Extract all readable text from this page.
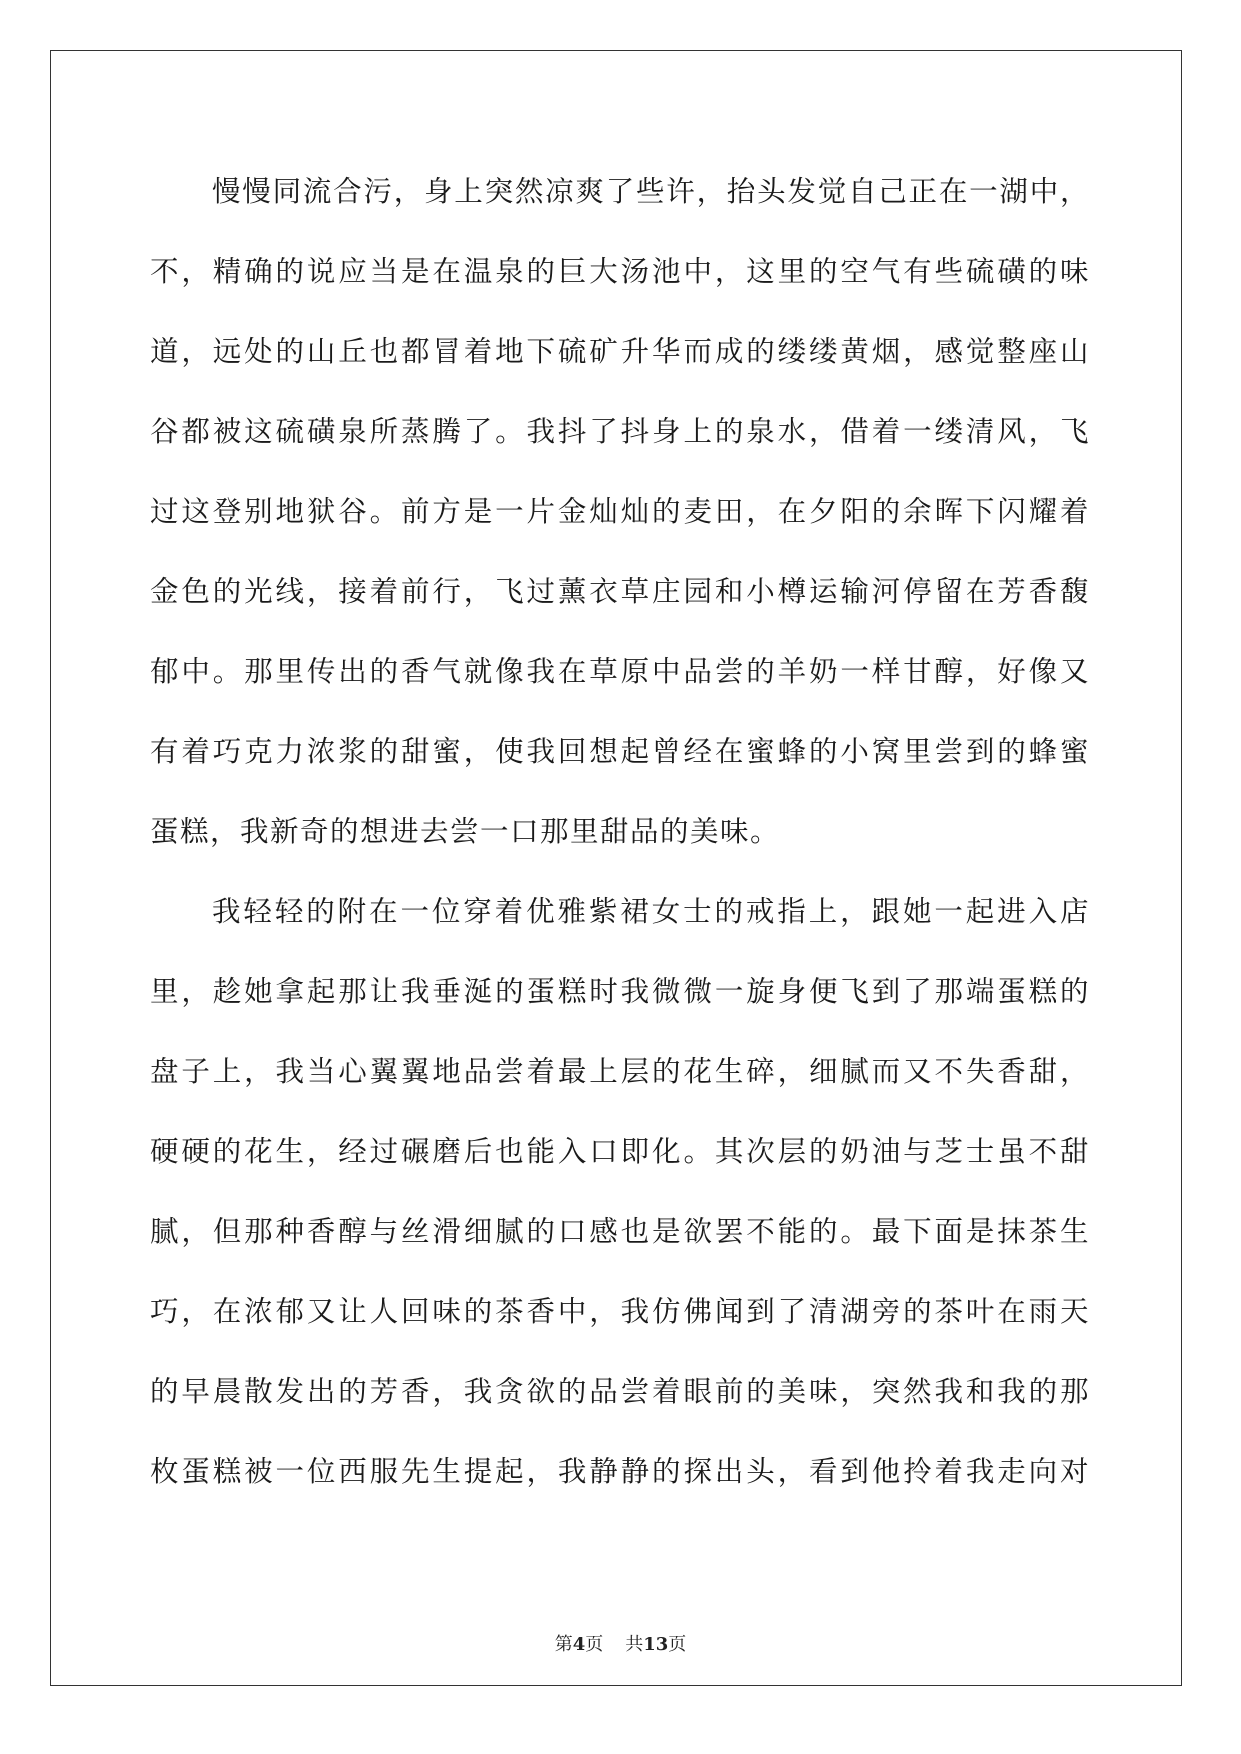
慢慢同流合污，身上突然凉爽了些许，抬头发觉自己正在一湖中，
不，精确的说应当是在温泉的巨大汤池中，这里的空气有些硫磺的味
道，远处的山丘也都冒着地下硫矿升华而成的缕缕黄烟，感觉整座山
谷都被这硫磺泉所蒸腾了。我抖了抖身上的泉水，借着一缕清风，飞
过这登别地狱谷。前方是一片金灿灿的麦田，在夕阳的余晖下闪耀着
金色的光线，接着前行，飞过薰衣草庄园和小樽运输河停留在芳香馥
郁中。那里传出的香气就像我在草原中品尝的羊奶一样甘醇，好像又
有着巧克力浓浆的甜蜜，使我回想起曾经在蜜蜂的小窝里尝到的蜂蜜
蛋糕，我新奇的想进去尝一口那里甜品的美味。
我轻轻的附在一位穿着优雅紫裙女士的戒指上，跟她一起进入店
里，趁她拿起那让我垂涎的蛋糕时我微微一旋身便飞到了那端蛋糕的
盘子上，我当心翼翼地品尝着最上层的花生碎，细腻而又不失香甜，
硬硬的花生，经过碾磨后也能入口即化。其次层的奶油与芝士虽不甜
腻，但那种香醇与丝滑细腻的口感也是欲罢不能的。最下面是抹茶生
巧，在浓郁又让人回味的茶香中，我仿佛闻到了清湖旁的茶叶在雨天
的早晨散发出的芳香，我贪欲的品尝着眼前的美味，突然我和我的那
枚蛋糕被一位西服先生提起，我静静的探出头，看到他拎着我走向对
第4页 共13页
